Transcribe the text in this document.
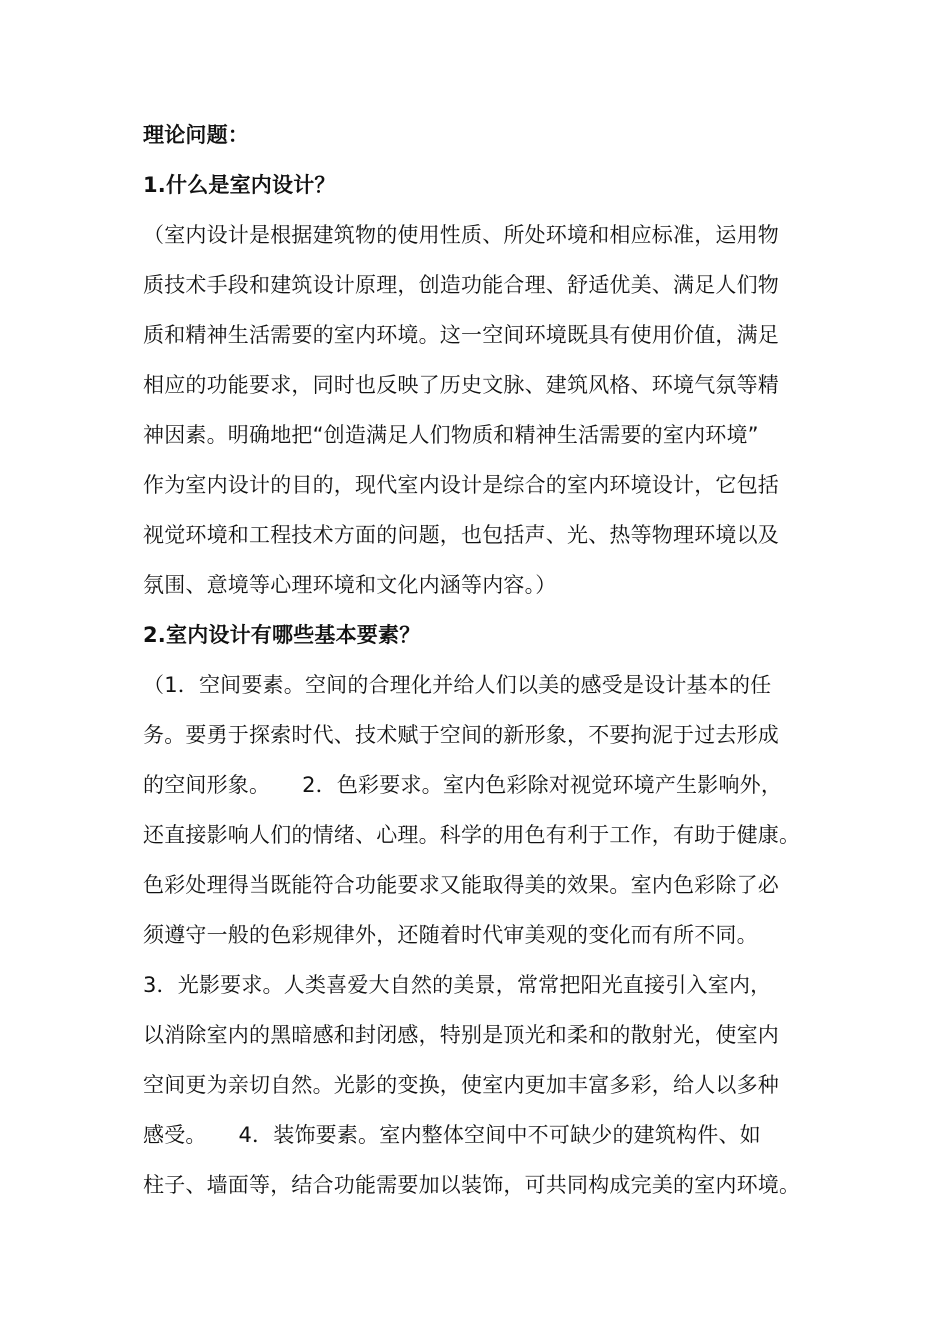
理论问题：
1.什么是室内设计？
（室内设计是根据建筑物的使用性质、所处环境和相应标准，运用物
质技术手段和建筑设计原理，创造功能合理、舒适优美、满足人们物
质和精神生活需要的室内环境。这一空间环境既具有使用价值，满足
相应的功能要求，同时也反映了历史文脉、建筑风格、环境气氛等精
神因素。明确地把“创造满足人们物质和精神生活需要的室内环境”
作为室内设计的目的，现代室内设计是综合的室内环境设计，它包括
视觉环境和工程技术方面的问题，也包括声、光、热等物理环境以及
氛围、意境等心理环境和文化内涵等内容。）
2.室内设计有哪些基本要素？
（1．空间要素。空间的合理化并给人们以美的感受是设计基本的任
务。要勇于探索时代、技术赋于空间的新形象，不要拘泥于过去形成
的空间形象。　　2．色彩要求。室内色彩除对视觉环境产生影响外，
还直接影响人们的情绪、心理。科学的用色有利于工作，有助于健康。
色彩处理得当既能符合功能要求又能取得美的效果。室内色彩除了必
须遵守一般的色彩规律外，还随着时代审美观的变化而有所不同。
3．光影要求。人类喜爱大自然的美景，常常把阳光直接引入室内，
以消除室内的黑暗感和封闭感，特别是顶光和柔和的散射光，使室内
空间更为亲切自然。光影的变换，使室内更加丰富多彩，给人以多种
感受。　　4．装饰要素。室内整体空间中不可缺少的建筑构件、如
柱子、墙面等，结合功能需要加以装饰，可共同构成完美的室内环境。
